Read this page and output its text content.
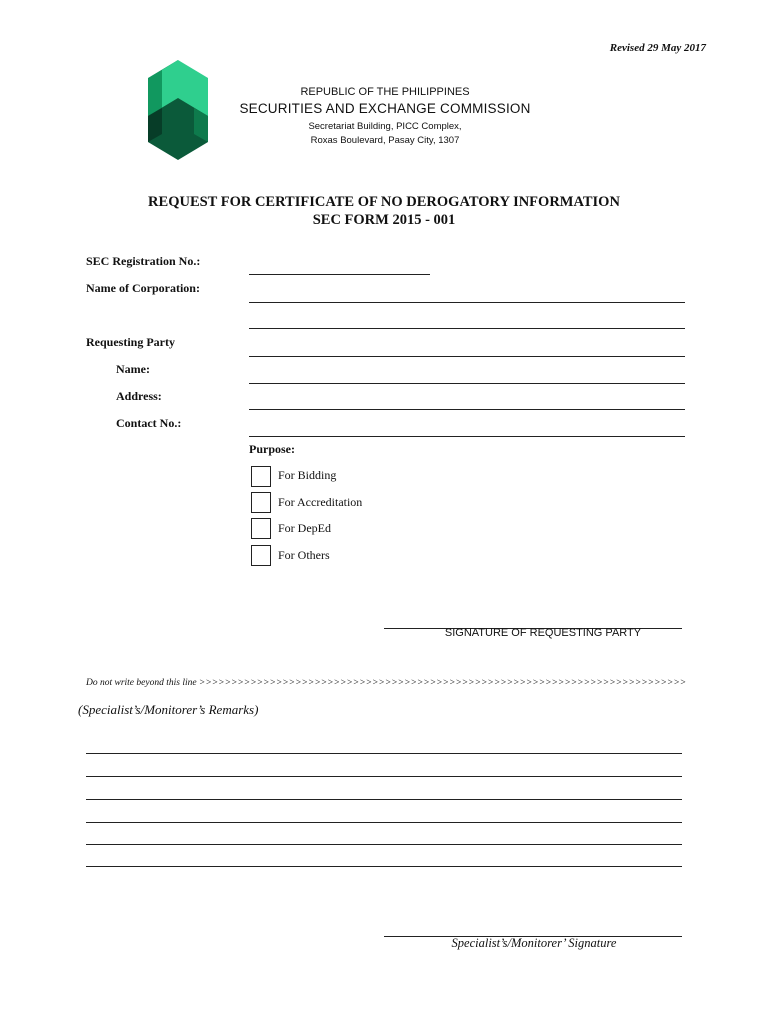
Revised 29 May 2017
REPUBLIC OF THE PHILIPPINES
SECURITIES AND EXCHANGE COMMISSION
Secretariat Building, PICC Complex,
Roxas Boulevard, Pasay City, 1307
REQUEST FOR CERTIFICATE OF NO DEROGATORY INFORMATION
SEC FORM 2015 - 001
SEC Registration No.:
Name of Corporation:
Requesting Party
Name:
Address:
Contact No.:
Purpose:
For Bidding
For Accreditation
For DepEd
For Others
SIGNATURE OF REQUESTING PARTY
Do not write beyond this line >>>>>>>>>>>>>>>>>>>>>>>>>>>>>>>>>>>>>>>>>>>>>>>>>>>>>>>>>>>>>>>>>>>>>>>>>>>>
(Specialist’s/Monitorer’s Remarks)
Specialist’s/Monitorer’ Signature
